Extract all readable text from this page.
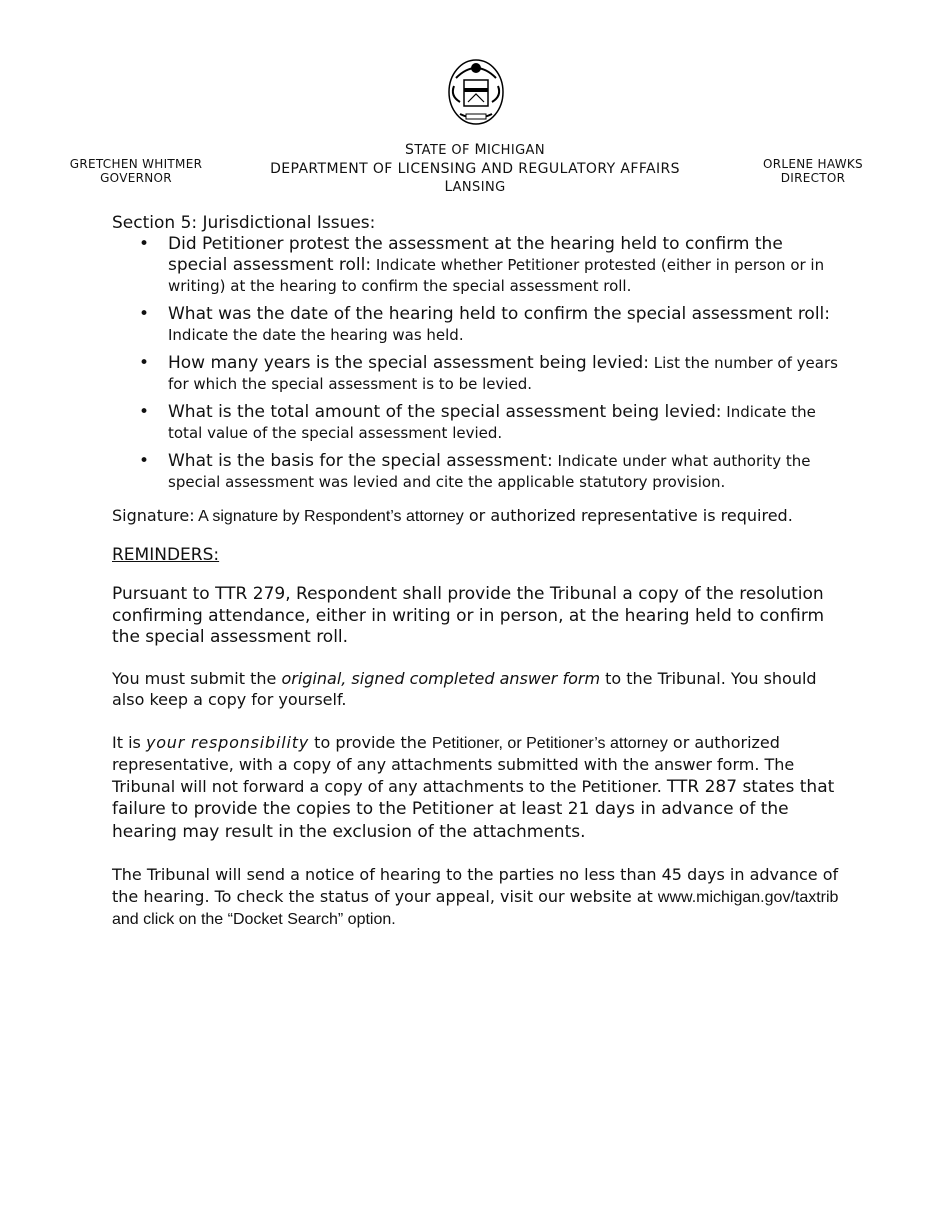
GRETCHEN WHITMER
GOVERNOR
STATE OF MICHIGAN
DEPARTMENT OF LICENSING AND REGULATORY AFFAIRS
LANSING
ORLENE HAWKS
DIRECTOR

Section 5: Jurisdictional Issues:

• Did Petitioner protest the assessment at the hearing held to confirm the special assessment roll: Indicate whether Petitioner protested (either in person or in writing) at the hearing to confirm the special assessment roll.
• What was the date of the hearing held to confirm the special assessment roll: Indicate the date the hearing was held.
• How many years is the special assessment being levied: List the number of years for which the special assessment is to be levied.
• What is the total amount of the special assessment being levied: Indicate the total value of the special assessment levied.
• What is the basis for the special assessment: Indicate under what authority the special assessment was levied and cite the applicable statutory provision.
Signature: A signature by Respondent’s attorney or authorized representative is required.
REMINDERS:
Pursuant to TTR 279, Respondent shall provide the Tribunal a copy of the resolution confirming attendance, either in writing or in person, at the hearing held to confirm the special assessment roll.
You must submit the original, signed completed answer form to the Tribunal. You should also keep a copy for yourself.
It is your responsibility to provide the Petitioner, or Petitioner’s attorney or authorized representative, with a copy of any attachments submitted with the answer form. The Tribunal will not forward a copy of any attachments to the Petitioner. TTR 287 states that failure to provide the copies to the Petitioner at least 21 days in advance of the hearing may result in the exclusion of the attachments.
The Tribunal will send a notice of hearing to the parties no less than 45 days in advance of the hearing. To check the status of your appeal, visit our website at www.michigan.gov/taxtrib and click on the “Docket Search” option.
